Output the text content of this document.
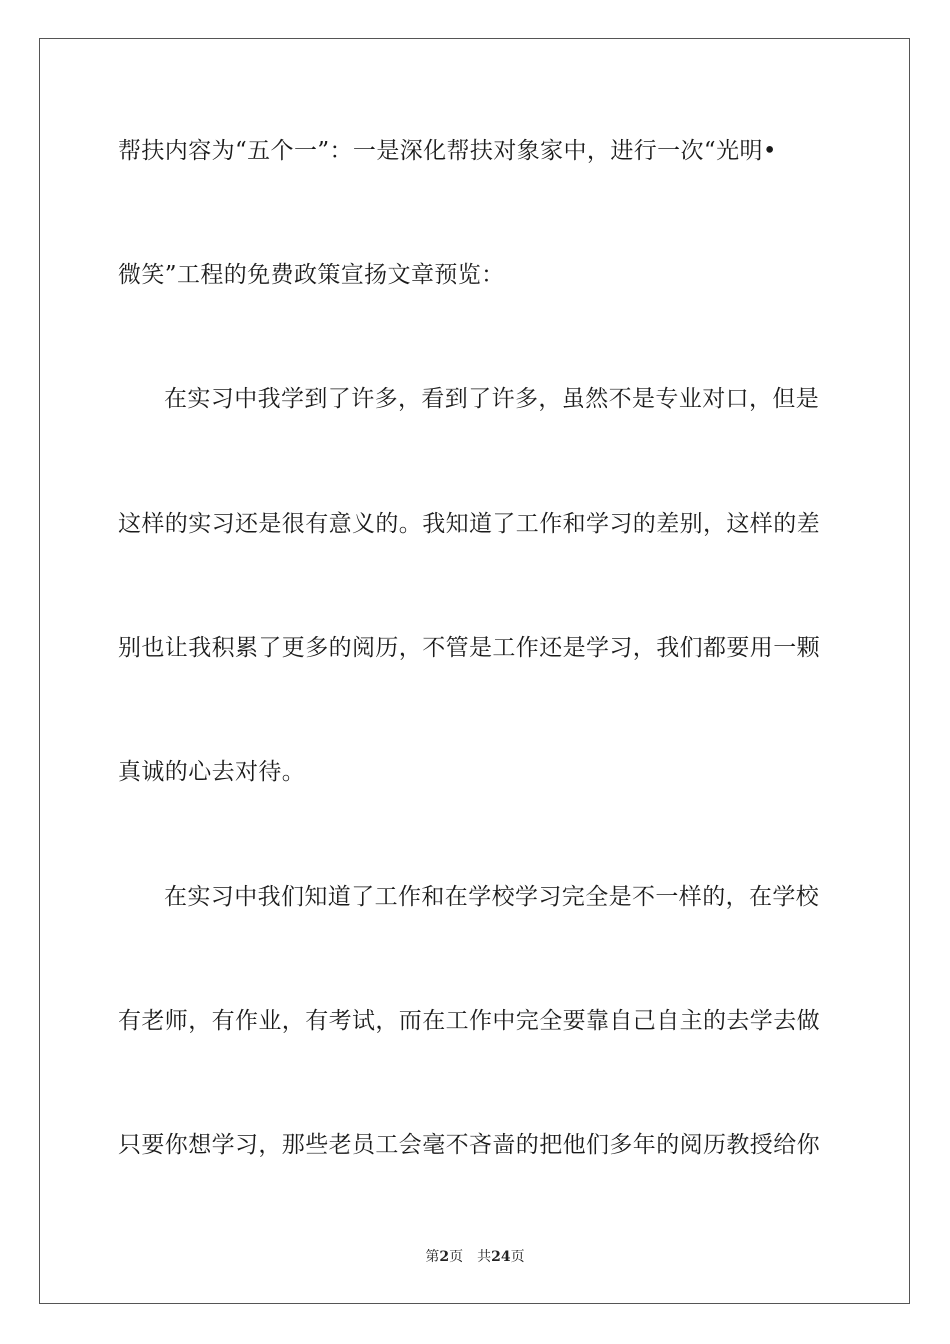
帮扶内容为“五个一”：一是深化帮扶对象家中，进行一次“光明•
微笑”工程的免费政策宣扬文章预览：
在实习中我学到了许多，看到了许多，虽然不是专业对口，但是
这样的实习还是很有意义的。我知道了工作和学习的差别，这样的差
别也让我积累了更多的阅历，不管是工作还是学习，我们都要用一颗
真诚的心去对待。
在实习中我们知道了工作和在学校学习完全是不一样的，在学校
有老师，有作业，有考试，而在工作中完全要靠自己自主的去学去做
只要你想学习，那些老员工会毫不吝啬的把他们多年的阅历教授给你
第2页 共24页
